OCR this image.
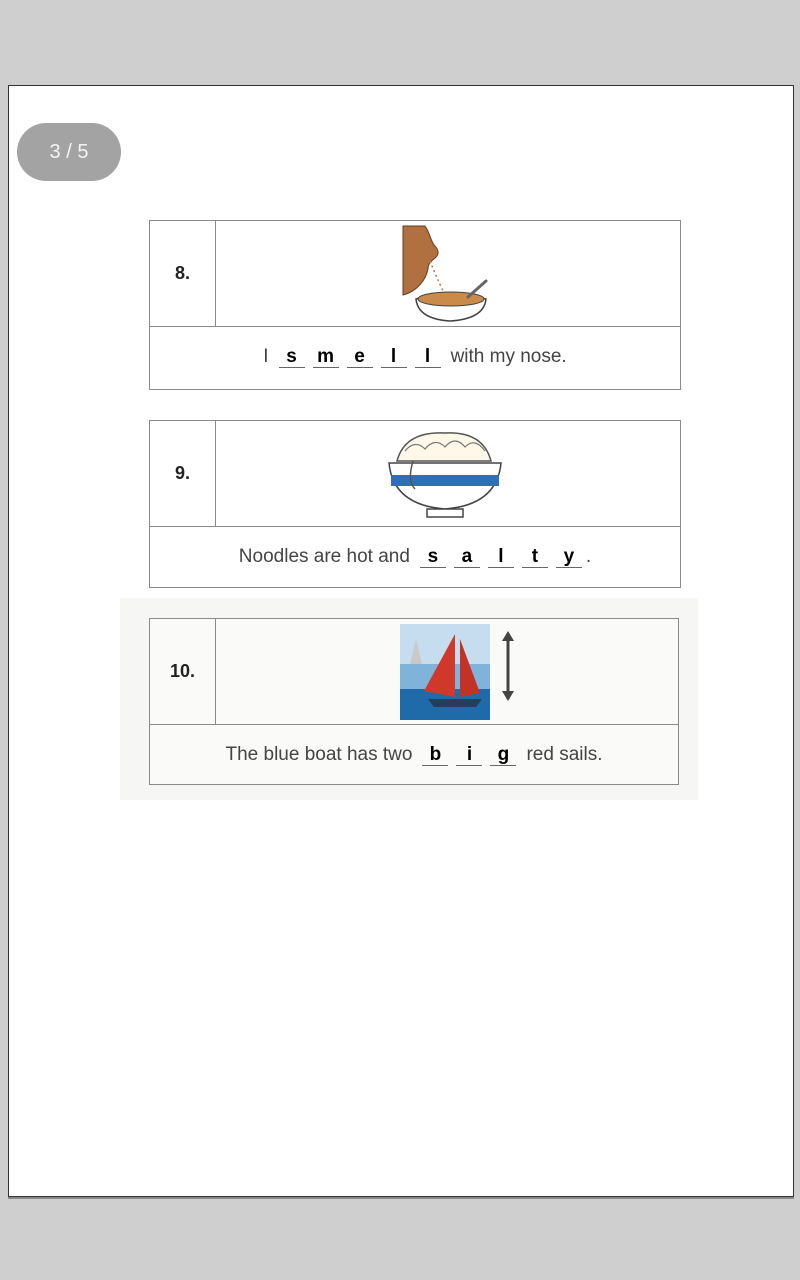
3 / 5
8.
I s	m	e	l	l	with my nose.
9.
Noodles are hot and s	a	l	t	y .
10.
The blue boat has two b	i	g red sails.
